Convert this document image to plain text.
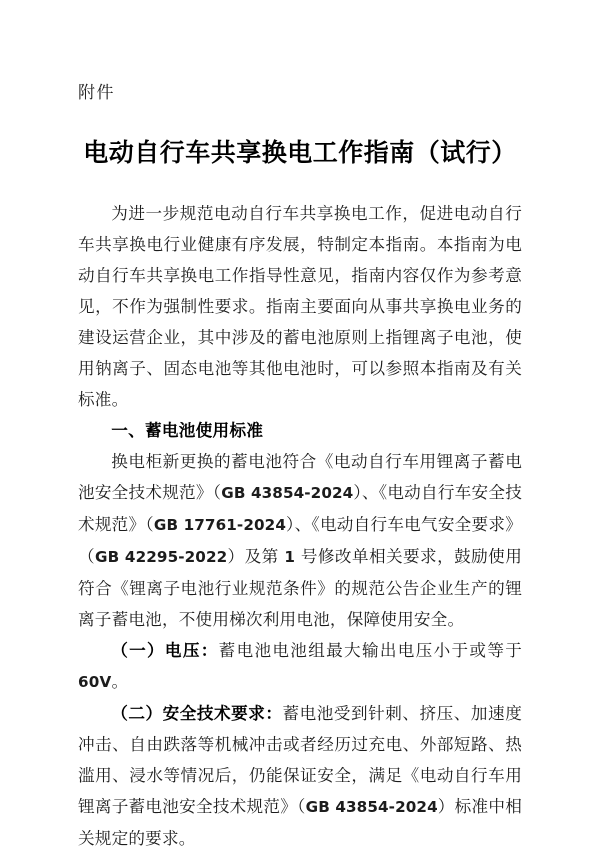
附件

电动自行车共享换电工作指南（试行）

为进一步规范电动自行车共享换电工作，促进电动自行车共享换电行业健康有序发展，特制定本指南。本指南为电动自行车共享换电工作指导性意见，指南内容仅作为参考意见，不作为强制性要求。指南主要面向从事共享换电业务的建设运营企业，其中涉及的蓄电池原则上指锂离子电池，使用钠离子、固态电池等其他电池时，可以参照本指南及有关标准。

一、蓄电池使用标准

换电柜新更换的蓄电池符合《电动自行车用锂离子蓄电池安全技术规范》（GB 43854-2024）、《电动自行车安全技术规范》（GB 17761-2024）、《电动自行车电气安全要求》（GB 42295-2022）及第 1 号修改单相关要求，鼓励使用符合《锂离子电池行业规范条件》的规范公告企业生产的锂离子蓄电池，不使用梯次利用电池，保障使用安全。

（一）电压：蓄电池电池组最大输出电压小于或等于 60V。

（二）安全技术要求：蓄电池受到针刺、挤压、加速度冲击、自由跌落等机械冲击或者经历过充电、外部短路、热滥用、浸水等情况后，仍能保证安全，满足《电动自行车用锂离子蓄电池安全技术规范》（GB 43854-2024）标准中相关规定的要求。
